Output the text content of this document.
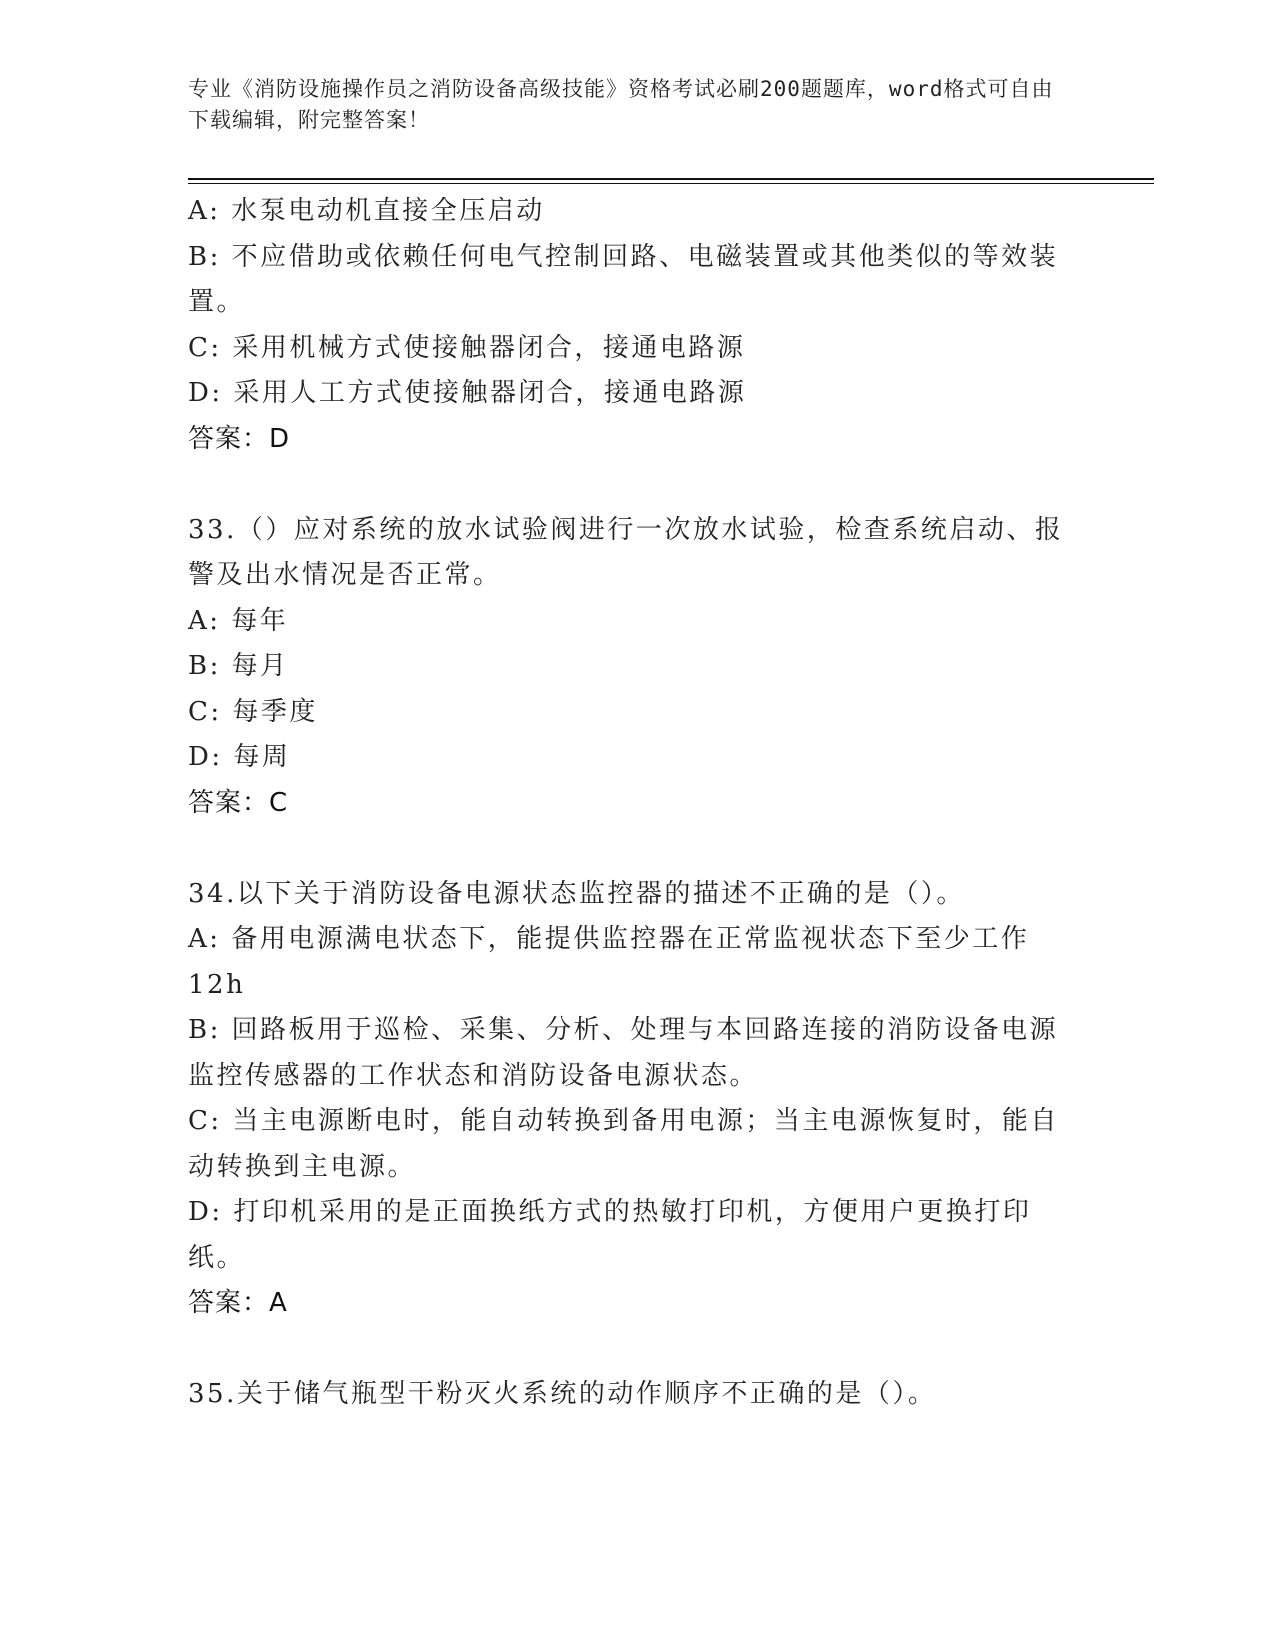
专业《消防设施操作员之消防设备高级技能》资格考试必刷200题题库，word格式可自由下载编辑，附完整答案！
A: 水泵电动机直接全压启动
B: 不应借助或依赖任何电气控制回路、电磁装置或其他类似的等效装置。
C: 采用机械方式使接触器闭合，接通电路源
D: 采用人工方式使接触器闭合，接通电路源
答案：D
33.（）应对系统的放水试验阀进行一次放水试验，检查系统启动、报警及出水情况是否正常。
A: 每年
B: 每月
C: 每季度
D: 每周
答案：C
34.以下关于消防设备电源状态监控器的描述不正确的是（）。
A: 备用电源满电状态下，能提供监控器在正常监视状态下至少工作12h
B: 回路板用于巡检、采集、分析、处理与本回路连接的消防设备电源监控传感器的工作状态和消防设备电源状态。
C: 当主电源断电时，能自动转换到备用电源；当主电源恢复时，能自动转换到主电源。
D: 打印机采用的是正面换纸方式的热敏打印机，方便用户更换打印纸。
答案：A
35.关于储气瓶型干粉灭火系统的动作顺序不正确的是（）。
